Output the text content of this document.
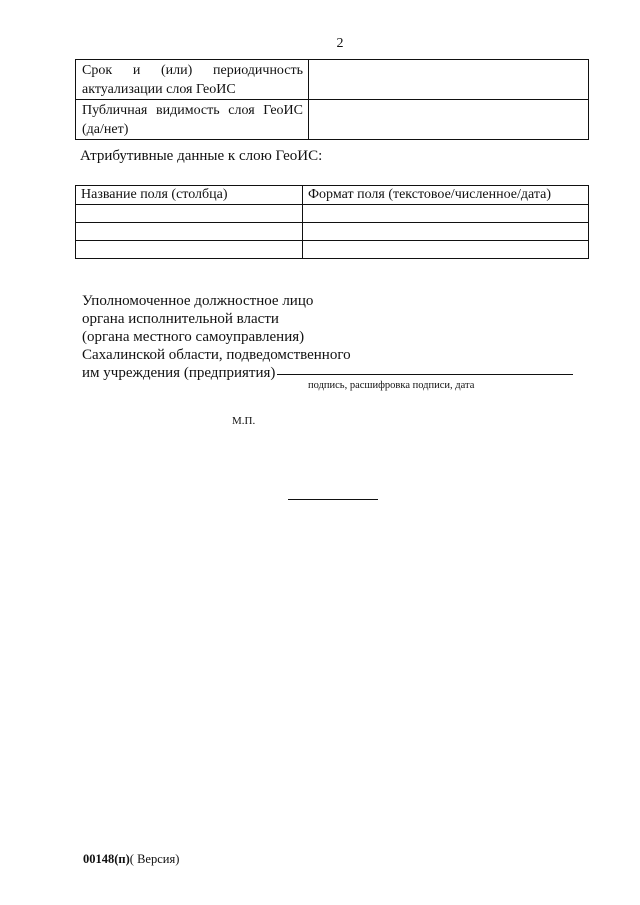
2
Срок и (или) периодичность актуализации слоя ГеоИС	
Публичная видимость слоя ГеоИС (да/нет)	
Атрибутивные данные к слою ГеоИС:
Название поля (столбца)	Формат поля (текстовое/численное/дата)

Уполномоченное должностное лицо
органа исполнительной власти
(органа местного самоуправления)
Сахалинской области, подведомственного
им учреждения (предприятия)
подпись, расшифровка подписи, дата
М.П.
00148(п)( Версия)
